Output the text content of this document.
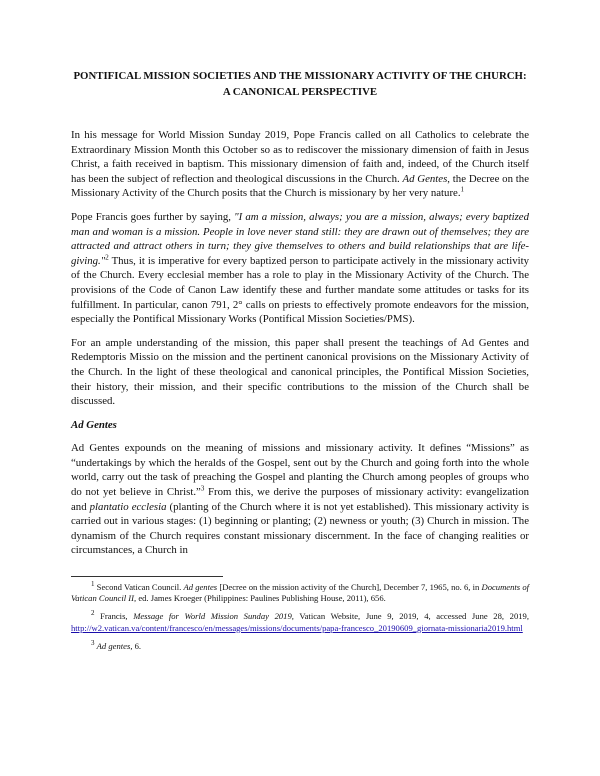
PONTIFICAL MISSION SOCIETIES AND THE MISSIONARY ACTIVITY OF THE CHURCH: A CANONICAL PERSPECTIVE

In his message for World Mission Sunday 2019, Pope Francis called on all Catholics to celebrate the Extraordinary Mission Month this October so as to rediscover the missionary dimension of faith in Jesus Christ, a faith received in baptism. This missionary dimension of faith and, indeed, of the Church itself has been the subject of reflection and theological discussions in the Church. Ad Gentes, the Decree on the Missionary Activity of the Church posits that the Church is missionary by her very nature.$^1$

Pope Francis goes further by saying, "I am a mission, always; you are a mission, always; every baptized man and woman is a mission. People in love never stand still: they are drawn out of themselves; they are attracted and attract others in turn; they give themselves to others and build relationships that are life-giving."$^2$ Thus, it is imperative for every baptized person to participate actively in the missionary activity of the Church. Every ecclesial member has a role to play in the Missionary Activity of the Church. The provisions of the Code of Canon Law identify these and further mandate some attitudes or tasks for its fulfillment. In particular, canon 791, 2° calls on priests to effectively promote endeavors for the mission, especially the Pontifical Missionary Works (Pontifical Mission Societies/PMS).

For an ample understanding of the mission, this paper shall present the teachings of Ad Gentes and Redemptoris Missio on the mission and the pertinent canonical provisions on the Missionary Activity of the Church. In the light of these theological and canonical principles, the Pontifical Mission Societies, their history, their mission, and their specific contributions to the mission of the Church shall be discussed.

Ad Gentes

Ad Gentes expounds on the meaning of missions and missionary activity. It defines “Missions” as “undertakings by which the heralds of the Gospel, sent out by the Church and going forth into the whole world, carry out the task of preaching the Gospel and planting the Church among peoples of groups who do not yet believe in Christ.”$^3$ From this, we derive the purposes of missionary activity: evangelization and plantatio ecclesia (planting of the Church where it is not yet established). This missionary activity is carried out in various stages: (1) beginning or planting; (2) newness or youth; (3) Church in mission. The dynamism of the Church requires constant missionary discernment. In the face of changing realities or circumstances, a Church in

$^1$ Second Vatican Council. Ad gentes [Decree on the mission activity of the Church], December 7, 1965, no. 6, in Documents of Vatican Council II, ed. James Kroeger (Philippines: Paulines Publishing House, 2011), 656.

$^2$ Francis, Message for World Mission Sunday 2019, Vatican Website, June 9, 2019, 4, accessed June 28, 2019, http://w2.vatican.va/content/francesco/en/messages/missions/documents/papa-francesco_20190609_giornata-missionaria2019.html

$^3$ Ad gentes, 6.
